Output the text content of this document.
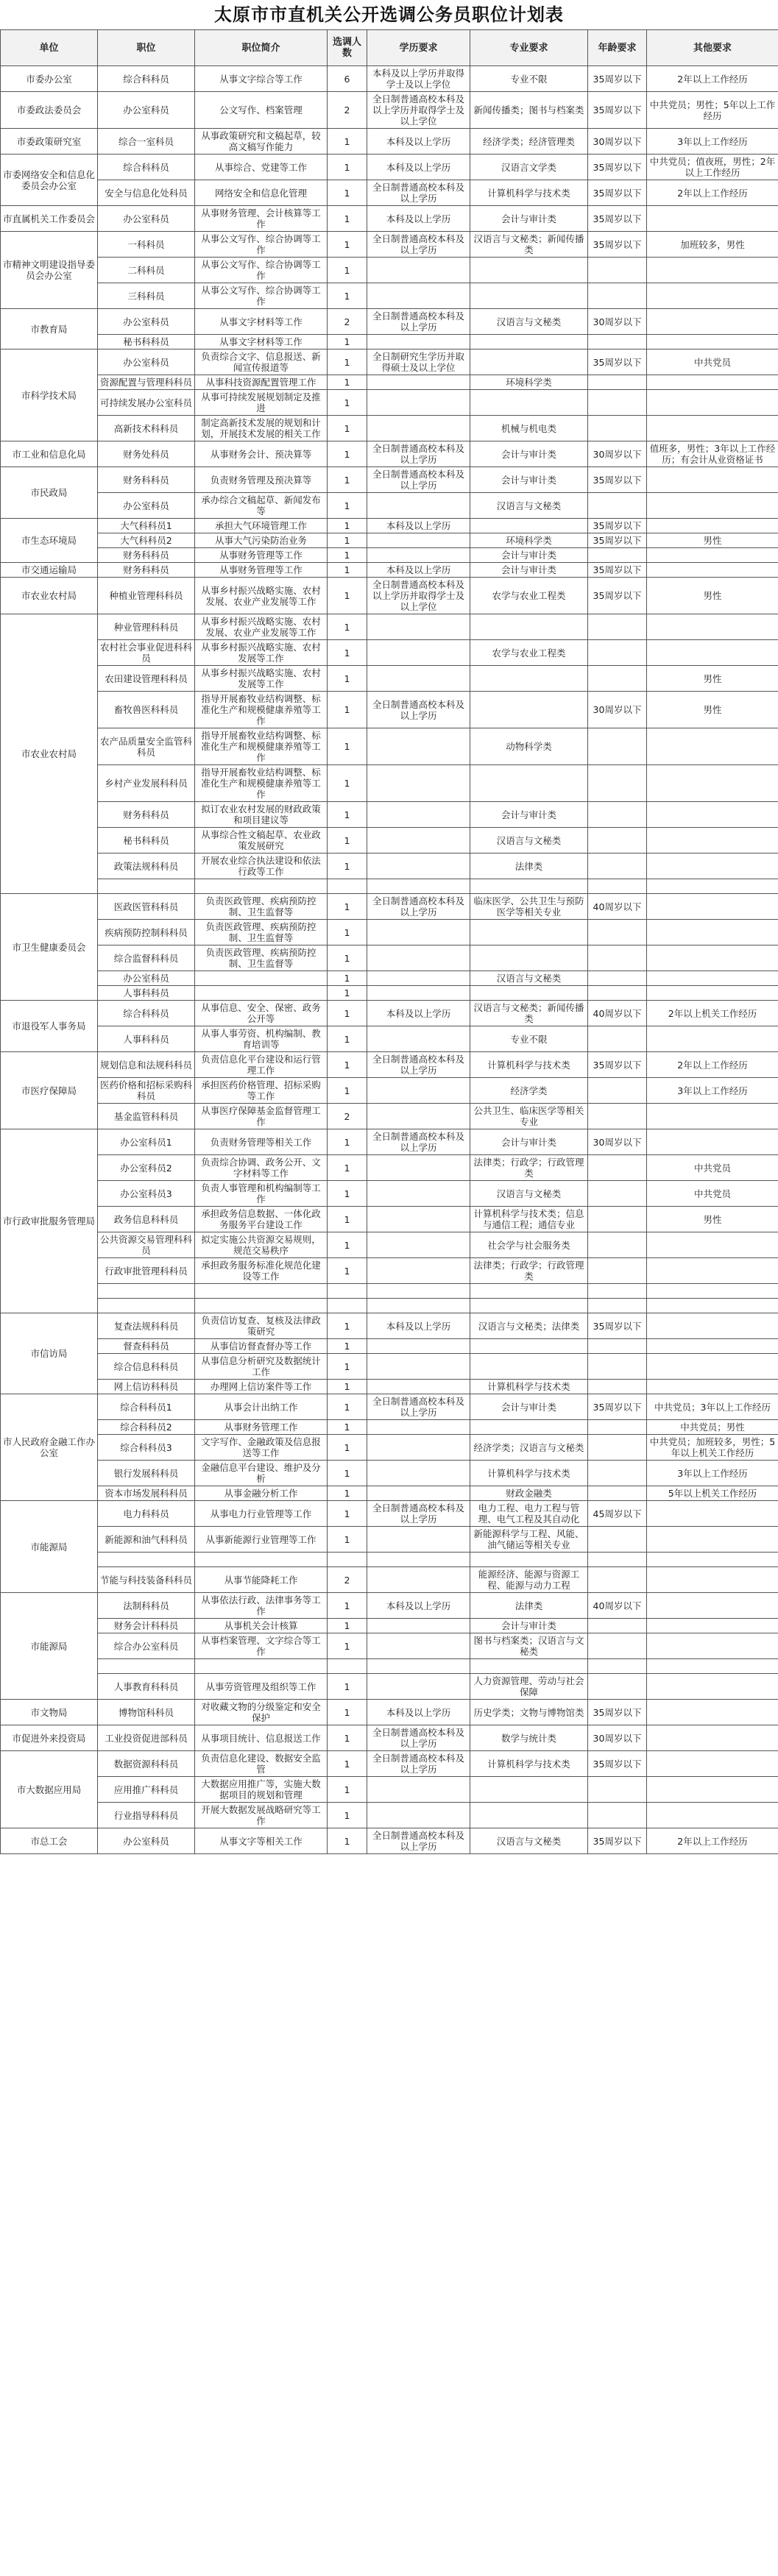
太原市市直机关公开选调公务员职位计划表
单位	职位	职位简介	选调人数	学历要求	专业要求	年龄要求	其他要求
市委办公室	综合科科员	从事文字综合等工作	6	本科及以上学历并取得学士及以上学位	专业不限	35周岁以下	2年以上工作经历
市委政法委员会	办公室科员	公文写作、档案管理	2	全日制普通高校本科及以上学历并取得学士及以上学位	新闻传播类；图书与档案类	35周岁以下	中共党员；男性；5年以上工作经历
市委政策研究室	综合一室科员	从事政策研究和文稿起草，较高文稿写作能力	1	本科及以上学历	经济学类；经济管理类	30周岁以下	3年以上工作经历
市委网络安全和信息化委员会办公室	综合科科员	从事综合、党建等工作	1	本科及以上学历	汉语言文学类	35周岁以下	中共党员；值夜班，男性；2年以上工作经历
	安全与信息化处科员	网络安全和信息化管理	1	全日制普通高校本科及以上学历	计算机科学与技术类	35周岁以下	2年以上工作经历
市直属机关工作委员会	办公室科员	从事财务管理、会计核算等工作	1	本科及以上学历	会计与审计类	35周岁以下	
市精神文明建设指导委员会办公室	一科科员	从事公文写作、综合协调等工作	1	全日制普通高校本科及以上学历	汉语言与文秘类；新闻传播类	35周岁以下	加班较多，男性
	二科科员	从事公文写作、综合协调等工作	1				
	三科科员	从事公文写作、综合协调等工作	1				
市教育局	办公室科员	从事文字材料等工作	2	全日制普通高校本科及以上学历	汉语言与文秘类	30周岁以下	
	秘书科科员	从事文字材料等工作	1				
市科学技术局	办公室科员	负责综合文字、信息报送、新闻宣传报道等	1	全日制研究生学历并取得硕士及以上学位		35周岁以下	中共党员
	资源配置与管理科科员	从事科技资源配置管理工作	1		环境科学类		
	可持续发展办公室科员	从事可持续发展规划制定及推进	1				
	高新技术科科员	制定高新技术发展的规划和计划，开展技术发展的相关工作	1		机械与机电类		
市工业和信息化局	财务处科员	从事财务会计、预决算等	1	全日制普通高校本科及以上学历	会计与审计类	30周岁以下	值班多，男性；3年以上工作经历；有会计从业资格证书
市民政局	财务科科员	负责财务管理及预决算等	1	全日制普通高校本科及以上学历	会计与审计类	35周岁以下	
	办公室科员	承办综合文稿起草、新闻发布等	1		汉语言与文秘类		
市生态环境局	大气科科员1	承担大气环境管理工作	1	本科及以上学历		35周岁以下	
	大气科科员2	从事大气污染防治业务	1		环境科学类	35周岁以下	男性
	财务科科员	从事财务管理等工作	1		会计与审计类		
市交通运输局	财务科科员	从事财务管理等工作	1	本科及以上学历	会计与审计类	35周岁以下	
市农业农村局	种植业管理科科员	从事乡村振兴战略实施、农村发展、农业产业发展等工作	1	全日制普通高校本科及以上学历并取得学士及以上学位	农学与农业工程类	35周岁以下	男性
市农业农村局	种业管理科科员	从事乡村振兴战略实施、农村发展、农业产业发展等工作	1				
	农村社会事业促进科科员	从事乡村振兴战略实施、农村发展等工作	1		农学与农业工程类		
	农田建设管理科科员	从事乡村振兴战略实施、农村发展等工作	1				男性
	畜牧兽医科科员	指导开展畜牧业结构调整、标准化生产和规模健康养殖等工作	1	全日制普通高校本科及以上学历		30周岁以下	男性
	农产品质量安全监管科科员	指导开展畜牧业结构调整、标准化生产和规模健康养殖等工作	1		动物科学类		
	乡村产业发展科科员	指导开展畜牧业结构调整、标准化生产和规模健康养殖等工作	1				
	财务科科员	拟订农业农村发展的财政政策和项目建议等	1		会计与审计类		
	秘书科科员	从事综合性文稿起草、农业政策发展研究	1		汉语言与文秘类		
	政策法规科科员	开展农业综合执法建设和依法行政等工作	1		法律类		

市卫生健康委员会	医政医管科科员	负责医政管理、疾病预防控制、卫生监督等	1	全日制普通高校本科及以上学历	临床医学、公共卫生与预防医学等相关专业	40周岁以下	
	疾病预防控制科科员	负责医政管理、疾病预防控制、卫生监督等	1				
	综合监督科科员	负责医政管理、疾病预防控制、卫生监督等	1				
	办公室科员		1		汉语言与文秘类		
	人事科科员		1				
市退役军人事务局	综合科科员	从事信息、安全、保密、政务公开等	1	本科及以上学历	汉语言与文秘类；新闻传播类	40周岁以下	2年以上机关工作经历
	人事科科员	从事人事劳资、机构编制、教育培训等	1		专业不限		
市医疗保障局	规划信息和法规科科员	负责信息化平台建设和运行管理工作	1	全日制普通高校本科及以上学历	计算机科学与技术类	35周岁以下	2年以上工作经历
	医药价格和招标采购科科员	承担医药价格管理、招标采购等工作	1		经济学类		3年以上工作经历
	基金监管科科员	从事医疗保障基金监督管理工作	2		公共卫生、临床医学等相关专业		
市行政审批服务管理局	办公室科员1	负责财务管理等相关工作	1	全日制普通高校本科及以上学历	会计与审计类	30周岁以下	
	办公室科员2	负责综合协调、政务公开、文字材料等工作	1		法律类；行政学；行政管理类		中共党员
	办公室科员3	负责人事管理和机构编制等工作	1		汉语言与文秘类		中共党员
	政务信息科科员	承担政务信息数据、一体化政务服务平台建设工作	1		计算机科学与技术类；信息与通信工程；通信专业		男性
	公共资源交易管理科科员	拟定实施公共资源交易规则，规范交易秩序	1		社会学与社会服务类		
	行政审批管理科科员	承担政务服务标准化规范化建设等工作	1		法律类；行政学；行政管理类		

市信访局	复查法规科科员	负责信访复查、复核及法律政策研究	1	本科及以上学历	汉语言与文秘类；法律类	35周岁以下	
	督查科科员	从事信访督查督办等工作	1				
	综合信息科科员	从事信息分析研究及数据统计工作	1				
	网上信访科科员	办理网上信访案件等工作	1		计算机科学与技术类		
市人民政府金融工作办公室	综合科科员1	从事会计出纳工作	1	全日制普通高校本科及以上学历	会计与审计类	35周岁以下	中共党员；3年以上工作经历
	综合科科员2	从事财务管理工作	1				中共党员；男性
	综合科科员3	文字写作、金融政策及信息报送等工作	1		经济学类；汉语言与文秘类		中共党员；加班较多，男性；5年以上机关工作经历
	银行发展科科员	金融信息平台建设、维护及分析	1		计算机科学与技术类		3年以上工作经历
	资本市场发展科科员	从事金融分析工作	1		财政金融类		5年以上机关工作经历
市能源局	电力科科员	从事电力行业管理等工作	1	全日制普通高校本科及以上学历	电力工程、电力工程与管理、电气工程及其自动化	45周岁以下	
	新能源和油气科科员	从事新能源行业管理等工作	1		新能源科学与工程、风能、油气储运等相关专业		

	节能与科技装备科科员	从事节能降耗工作	2		能源经济、能源与资源工程、能源与动力工程		
市能源局	法制科科员	从事依法行政、法律事务等工作	1	本科及以上学历	法律类	40周岁以下	
	财务会计科科员	从事机关会计核算	1		会计与审计类		
	综合办公室科员	从事档案管理、文字综合等工作	1		图书与档案类；汉语言与文秘类		

	人事教育科科员	从事劳资管理及组织等工作	1		人力资源管理、劳动与社会保障		
市文物局	博物馆科科员	对收藏文物的分级鉴定和安全保护	1	本科及以上学历	历史学类；文物与博物馆类	35周岁以下	
市促进外来投资局	工业投资促进部科员	从事项目统计、信息报送工作	1	全日制普通高校本科及以上学历	数学与统计类	30周岁以下	
市大数据应用局	数据资源科科员	负责信息化建设、数据安全监管	1	全日制普通高校本科及以上学历	计算机科学与技术类	35周岁以下	
	应用推广科科员	大数据应用推广等，实施大数据项目的规划和管理	1				
	行业指导科科员	开展大数据发展战略研究等工作	1				
市总工会	办公室科员	从事文字等相关工作	1	全日制普通高校本科及以上学历	汉语言与文秘类	35周岁以下	2年以上工作经历
